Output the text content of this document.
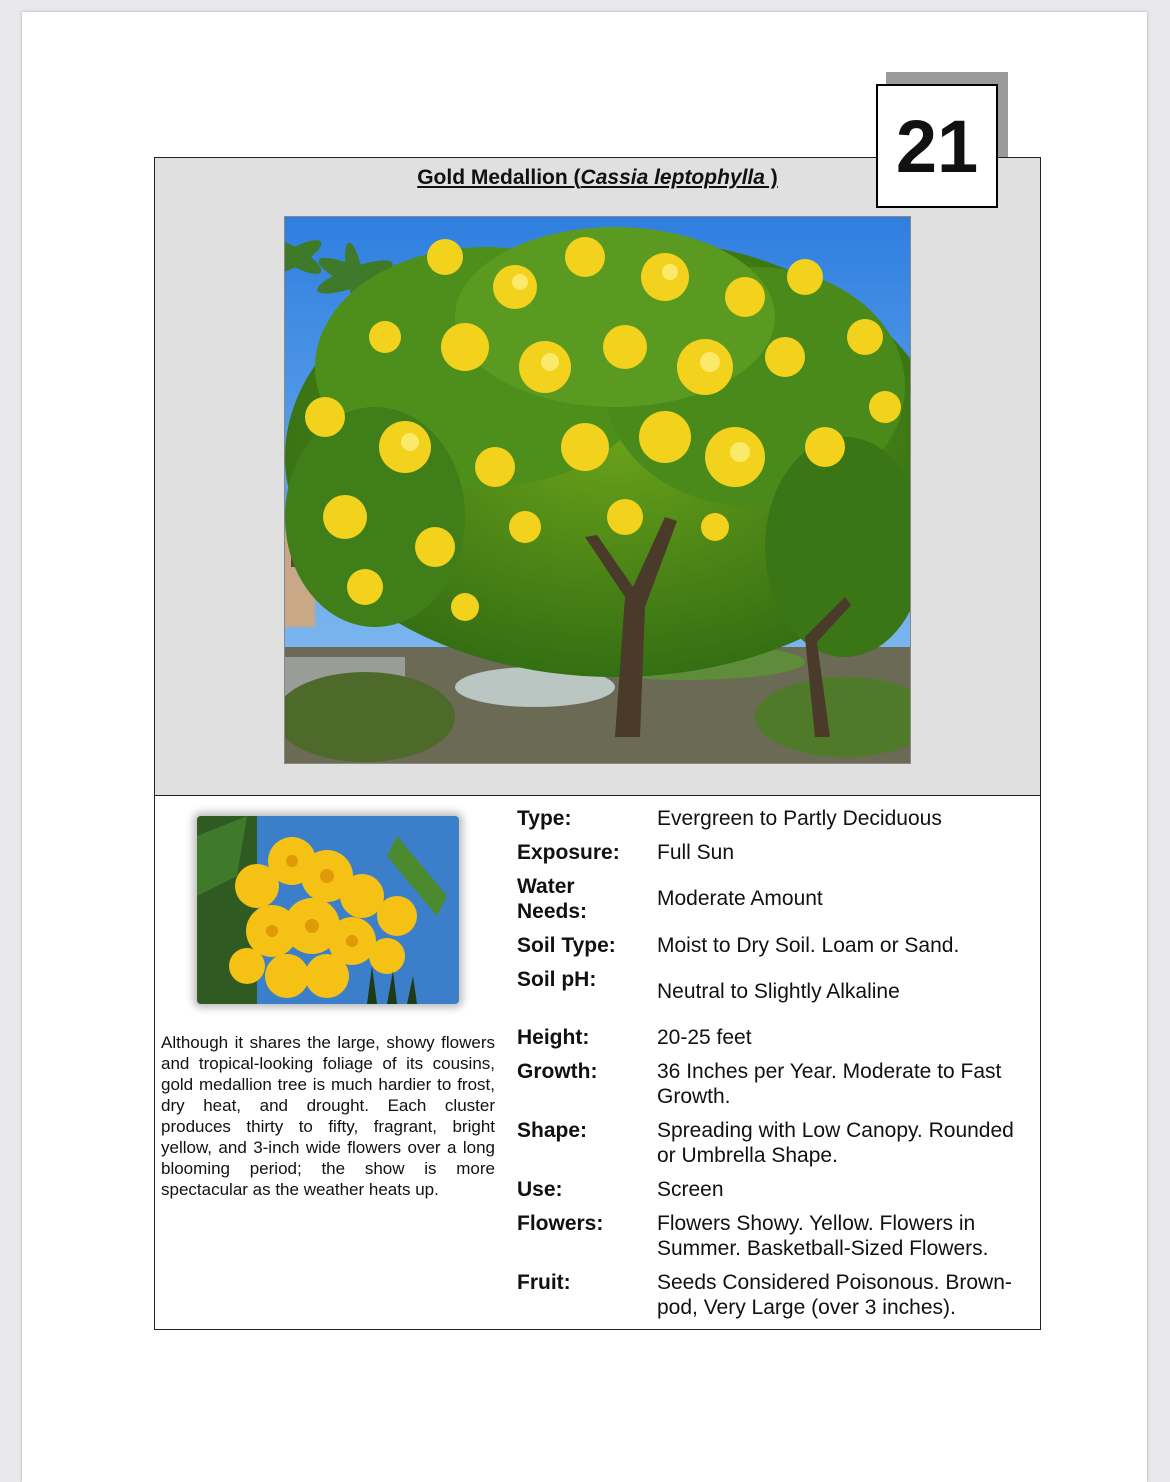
21
Gold Medallion (Cassia leptophylla )
Although it shares the large, showy flowers and tropical-looking foliage of its cousins, gold medallion tree is much hardier to frost, dry heat, and drought. Each cluster produces thirty to fifty, fragrant, bright yellow, and 3-inch wide flowers over a long blooming period; the show is more spectacular as the weather heats up.
Type:	Evergreen to Partly Deciduous
Exposure:	Full Sun
Water Needs:
Moderate Amount
Soil Type:	Moist to Dry Soil. Loam or Sand.
Soil pH:
Neutral to Slightly Alkaline
Height:	20-25 feet
Growth:	36 Inches per Year. Moderate to Fast Growth.
Shape:	Spreading with Low Canopy. Rounded or Umbrella Shape.
Use:	Screen
Flowers:	Flowers Showy. Yellow. Flowers in Summer. Basketball-Sized Flowers.
Fruit:	Seeds Considered Poisonous. Brown-pod, Very Large (over 3 inches).
